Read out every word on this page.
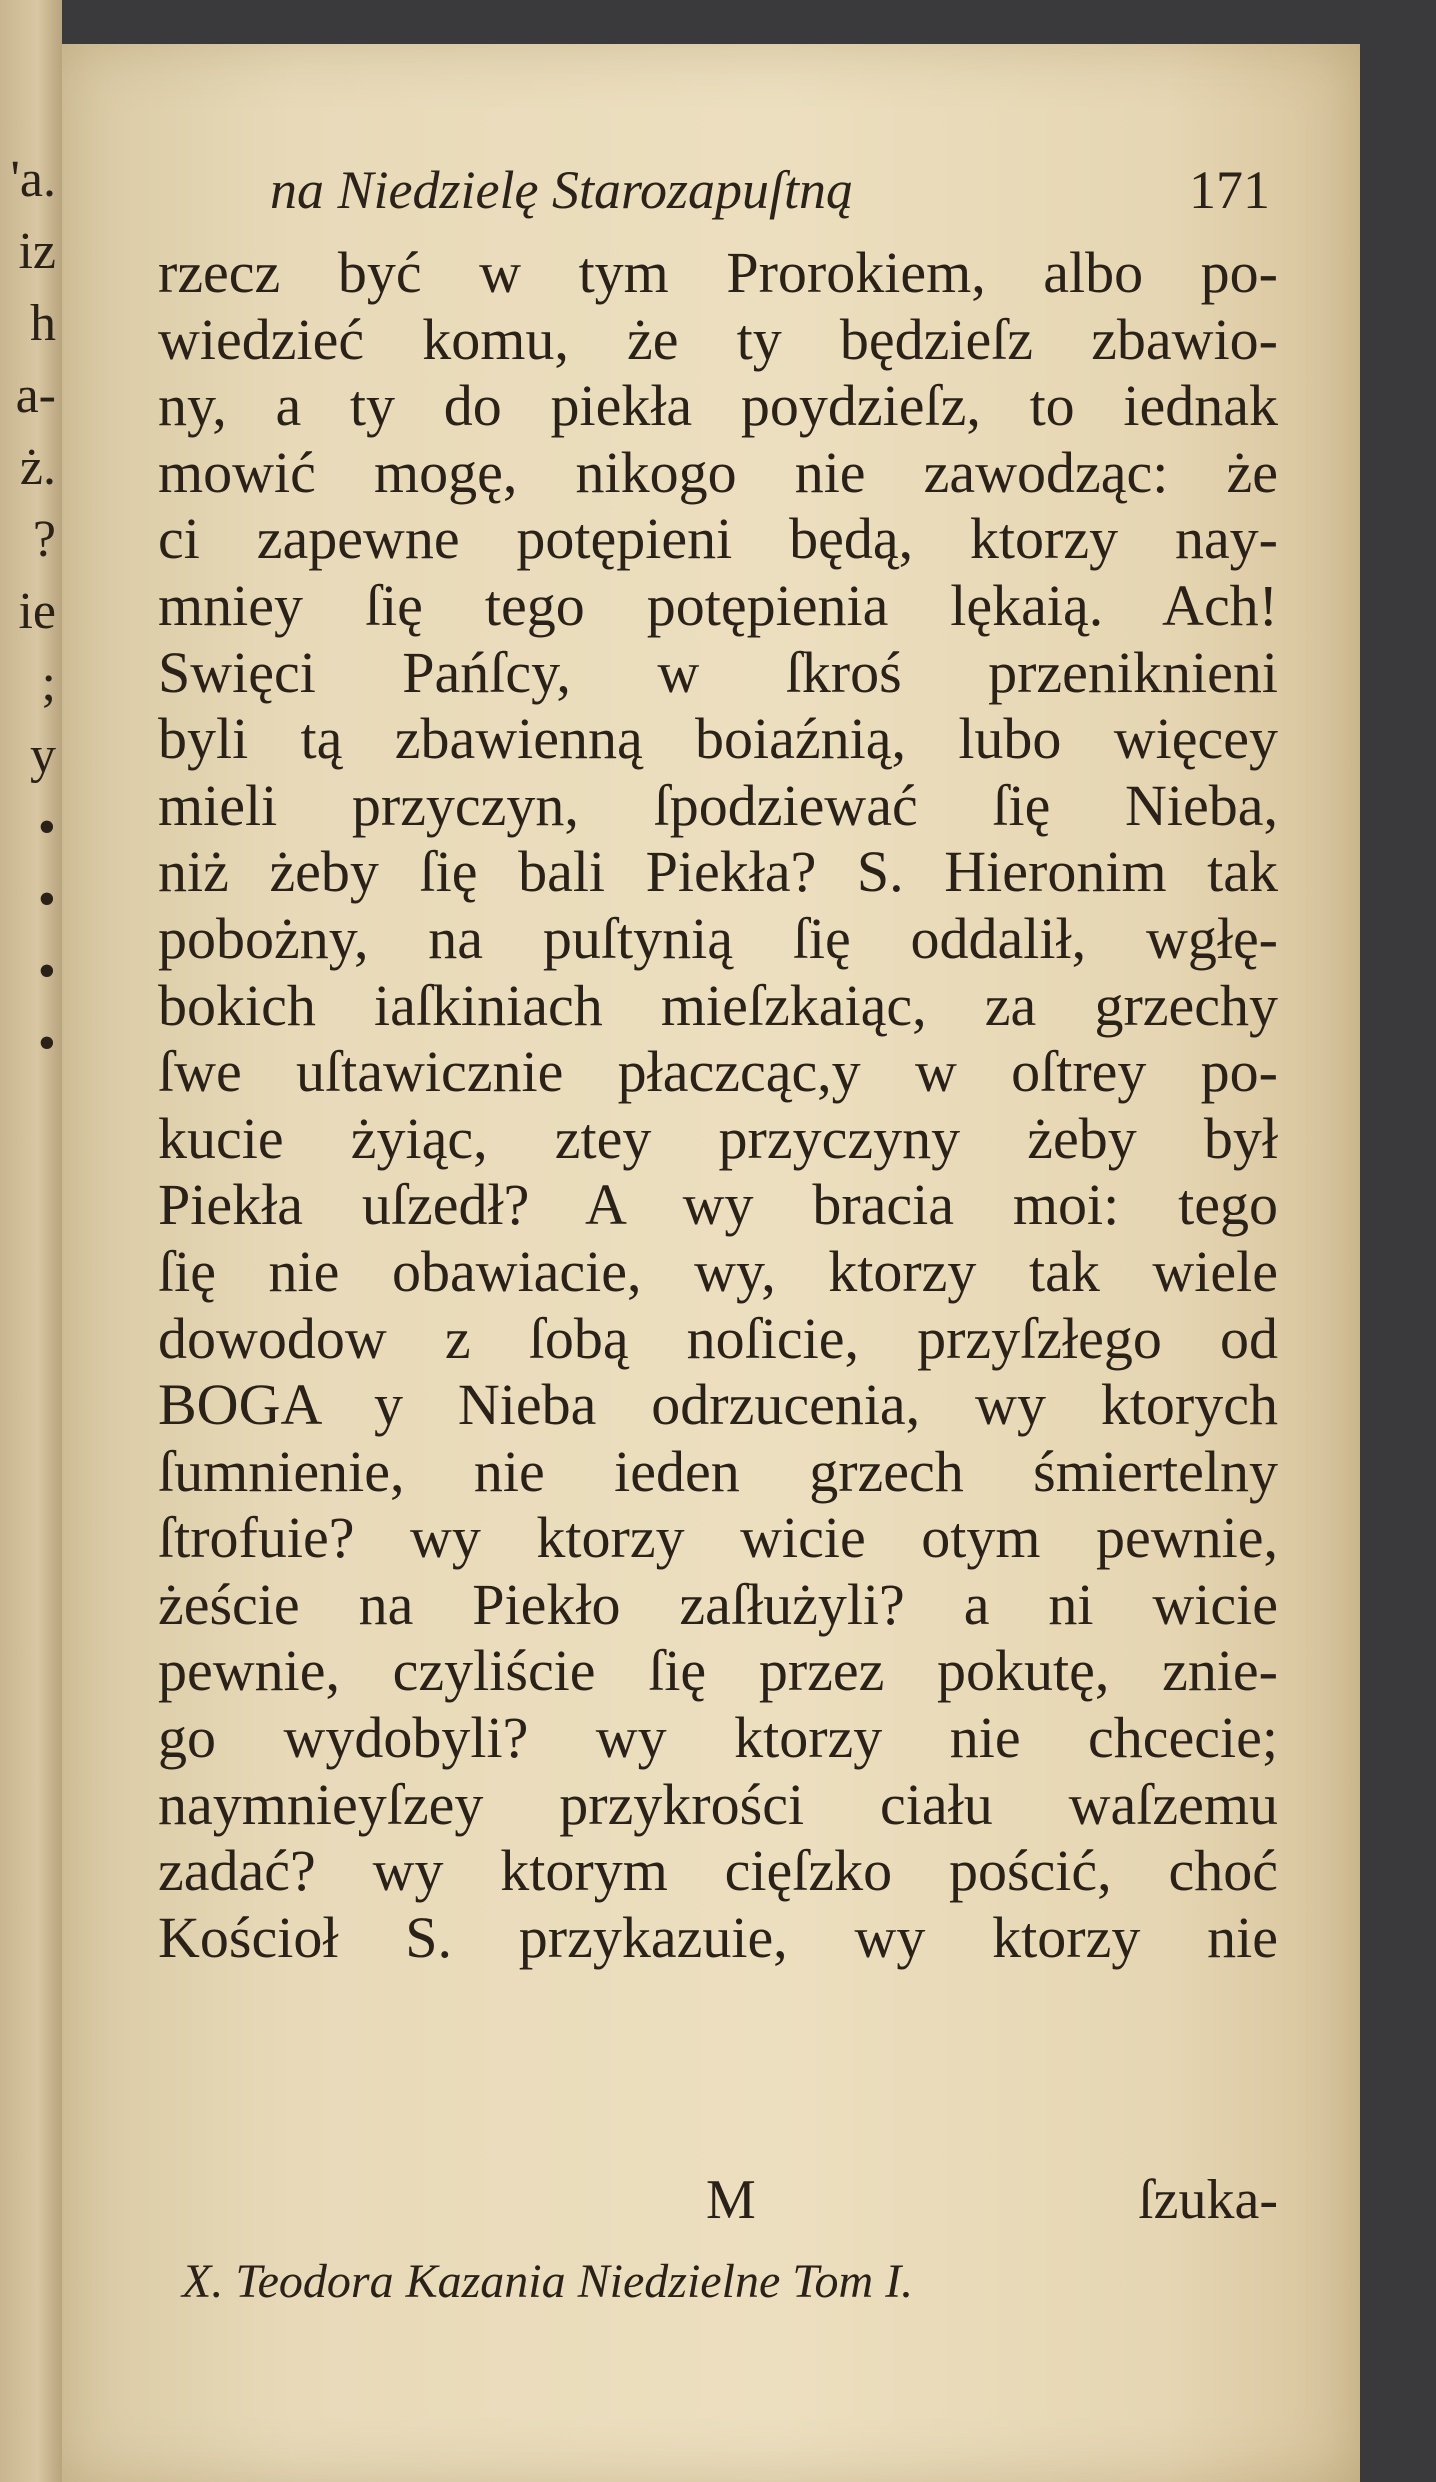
'a.
iz
h
a-
ż.
?
ie
;
y
•
•
•
•
na Niedzielę Starozapuſtną	171
rzecz być w tym Prorokiem, albo po-
wiedzieć komu, że ty będzieſz zbawio-
ny, a ty do piekła poydzieſz, to iednak
mowić mogę, nikogo nie zawodząc: że
ci zapewne potępieni będą, ktorzy nay-
mniey ſię tego potępienia lękaią. Ach!
Swięci Pańſcy, w ſkroś przeniknieni
byli tą zbawienną boiaźnią, lubo więcey
mieli przyczyn, ſpodziewać ſię Nieba,
niż żeby ſię bali Piekła? S. Hieronim tak
pobożny, na puſtynią ſię oddalił, wgłę-
bokich iaſkiniach mieſzkaiąc, za grzechy
ſwe uſtawicznie płaczcąc,y w oſtrey po-
kucie żyiąc, ztey przyczyny żeby był
Piekła uſzedł? A wy bracia moi: tego
ſię nie obawiacie, wy, ktorzy tak wiele
dowodow z ſobą noſicie, przyſzłego od
BOGA y Nieba odrzucenia, wy ktorych
ſumnienie, nie ieden grzech śmiertelny
ſtrofuie? wy ktorzy wicie otym pewnie,
żeście na Piekło zaſłużyli? a ni wicie
pewnie, czyliście ſię przez pokutę, znie-
go wydobyli? wy ktorzy nie chcecie;
naymnieyſzey przykrości ciału waſzemu
zadać? wy ktorym cięſzko pościć, choć
Kościoł S. przykazuie, wy ktorzy nie
M	ſzuka-
X. Teodora Kazania Niedzielne Tom I.
